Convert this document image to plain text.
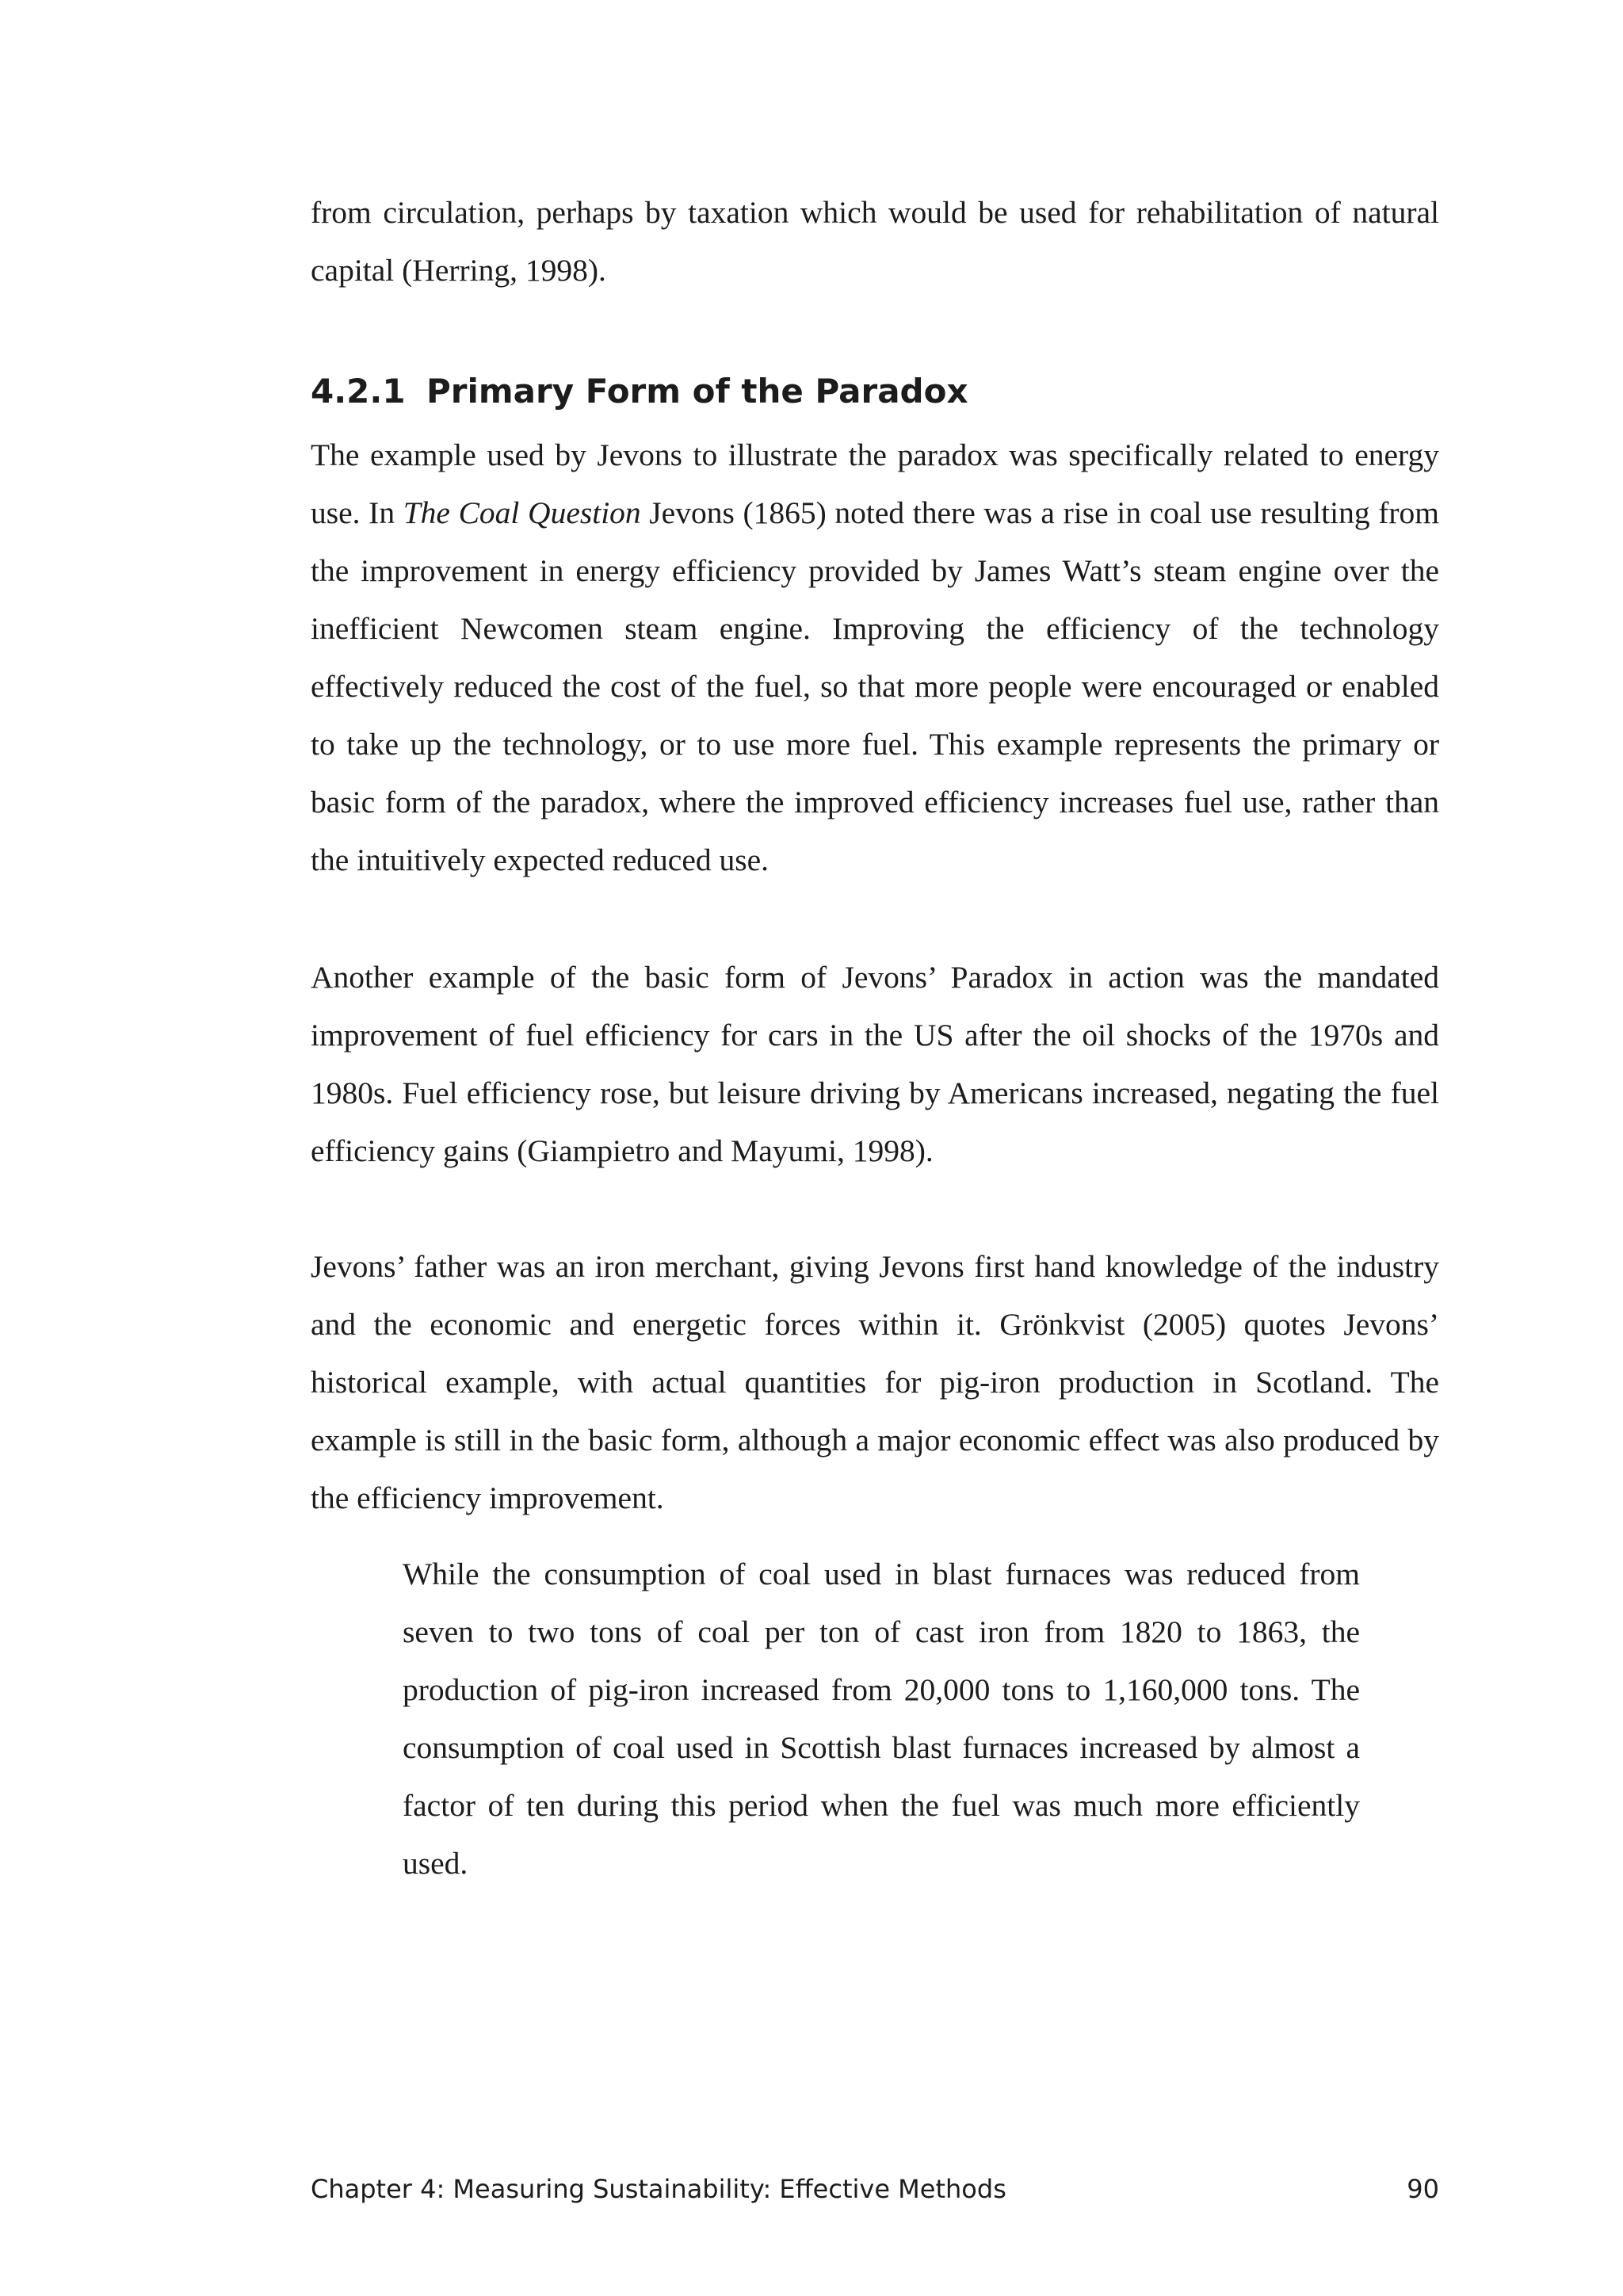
from circulation, perhaps by taxation which would be used for rehabilitation of natural capital (Herring, 1998).

4.2.1 Primary Form of the Paradox

The example used by Jevons to illustrate the paradox was specifically related to energy use. In The Coal Question Jevons (1865) noted there was a rise in coal use resulting from the improvement in energy efficiency provided by James Watt’s steam engine over the inefficient Newcomen steam engine. Improving the efficiency of the technology effectively reduced the cost of the fuel, so that more people were encouraged or enabled to take up the technology, or to use more fuel. This example represents the primary or basic form of the paradox, where the improved efficiency increases fuel use, rather than the intuitively expected reduced use.

Another example of the basic form of Jevons’ Paradox in action was the mandated improvement of fuel efficiency for cars in the US after the oil shocks of the 1970s and 1980s. Fuel efficiency rose, but leisure driving by Americans increased, negating the fuel efficiency gains (Giampietro and Mayumi, 1998).

Jevons’ father was an iron merchant, giving Jevons first hand knowledge of the industry and the economic and energetic forces within it. Grönkvist (2005) quotes Jevons’ historical example, with actual quantities for pig-iron production in Scotland. The example is still in the basic form, although a major economic effect was also produced by the efficiency improvement.

While the consumption of coal used in blast furnaces was reduced from seven to two tons of coal per ton of cast iron from 1820 to 1863, the production of pig-iron increased from 20,000 tons to 1,160,000 tons. The consumption of coal used in Scottish blast furnaces increased by almost a factor of ten during this period when the fuel was much more efficiently used.

Chapter 4: Measuring Sustainability: Effective Methods	90
